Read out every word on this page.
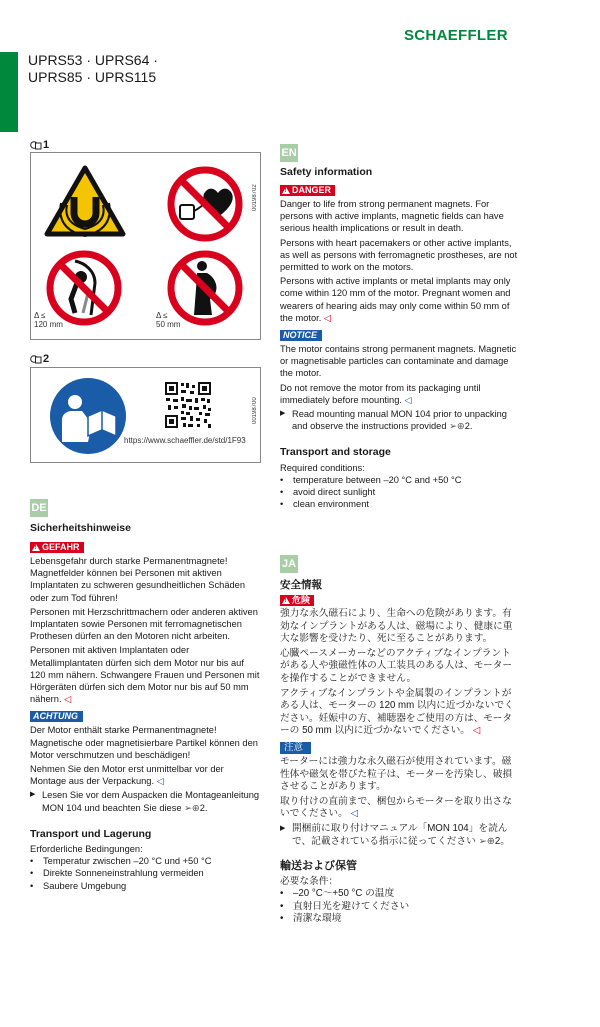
SCHAEFFLER
UPRS53 · UPRS64 ·
UPRS85 · UPRS115
1
00198702
Δ ≤
120 mm
Δ ≤
50 mm
2
00198700
https://www.schaeffler.de/std/1F93
EN
Safety information
!DANGER

Danger to life from strong permanent magnets. For persons with active implants, magnetic fields can have serious health implications or result in death.

Persons with heart pacemakers or other active implants, as well as persons with ferromagnetic prostheses, are not permitted to work on the motors.

Persons with active implants or metal implants may only come within 120 mm of the motor. Pregnant women and wearers of hearing aids may only come within 50 mm of the motor. ◁

NOTICE

The motor contains strong permanent magnets. Magnetic or magnetisable particles can contaminate and damage the motor.

Do not remove the motor from its packaging until immediately before mounting. ◁

▶ Read mounting manual MON 104 prior to unpacking and observe the instructions provided ➢⊕2.
Transport and storage
Required conditions:
•	temperature between –20 °C and +50 °C
•	avoid direct sunlight
•	clean environment
DE
Sicherheitshinweise
!GEFAHR

Lebensgefahr durch starke Permanentmagnete! Magnetfelder können bei Personen mit aktiven Implantaten zu schweren gesundheitlichen Schäden oder zum Tod führen!

Personen mit Herzschrittmachern oder anderen aktiven Implantaten sowie Personen mit ferromagnetischen Prothesen dürfen an den Motoren nicht arbeiten.

Personen mit aktiven Implantaten oder Metallimplantaten dürfen sich dem Motor nur bis auf 120 mm nähern. Schwangere Frauen und Personen mit Hörgeräten dürfen sich dem Motor nur bis auf 50 mm nähern. ◁

ACHTUNG

Der Motor enthält starke Permanentmagnete! Magnetische oder magnetisierbare Partikel können den Motor verschmutzen und beschädigen!

Nehmen Sie den Motor erst unmittelbar vor der Montage aus der Verpackung. ◁

▶ Lesen Sie vor dem Auspacken die Montageanleitung MON 104 und beachten Sie diese ➢⊕2.
Transport und Lagerung
Erforderliche Bedingungen:
•	Temperatur zwischen –20 °C und +50 °C
•	Direkte Sonneneinstrahlung vermeiden
•	Saubere Umgebung
JA
安全情報
!危険

強力な永久磁石により、生命への危険があります。有効なインプラントがある人は、磁場により、健康に重大な影響を受けたり、死に至ることがあります。

心臓ペースメーカーなどのアクティブなインプラントがある人や強磁性体の人工装具のある人は、モーターを操作することができません。

アクティブなインプラントや金属製のインプラントがある人は、モーターの 120 mm 以内に近づかないでください。妊娠中の方、補聴器をご使用の方は、モーターの 50 mm 以内に近づかないでください。 ◁

注意

モーターには強力な永久磁石が使用されています。磁性体や磁気を帯びた粒子は、モーターを汚染し、破損させることがあります。

取り付けの直前まで、梱包からモーターを取り出さないでください。 ◁

▶ 開梱前に取り付けマニュアル「MON 104」を読んで、記載されている指示に従ってください ➢⊕2。
輸送および保管
必要な条件：
• –20 °C～+50 °C の温度
• 直射日光を避けてください
• 清潔な環境
